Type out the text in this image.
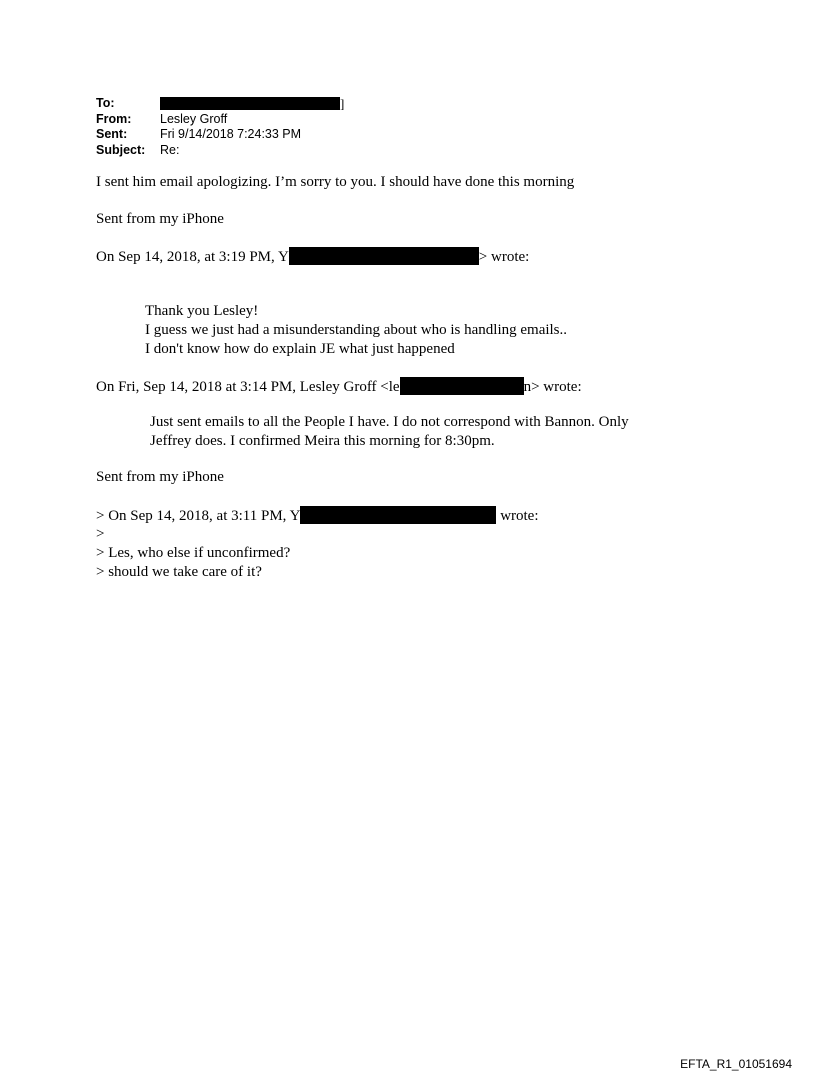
To:	]
From:	Lesley Groff
Sent:	Fri 9/14/2018 7:24:33 PM
Subject:	Re:
I sent him email apologizing. I’m sorry to you. I should have done this morning
Sent from my iPhone
On Sep 14, 2018, at 3:19 PM, Y	> wrote:
Thank you Lesley!
I guess we just had a misunderstanding about who is handling emails..
I don't know how do explain JE what just happened
On Fri, Sep 14, 2018 at 3:14 PM, Lesley Groff <le	n> wrote:
Just sent emails to all the People I have. I do not correspond with Bannon. Only
Jeffrey does. I confirmed Meira this morning for 8:30pm.
Sent from my iPhone
> On Sep 14, 2018, at 3:11 PM, Y	wrote:
>
> Les, who else if unconfirmed?
> should we take care of it?
EFTA_R1_01051694
